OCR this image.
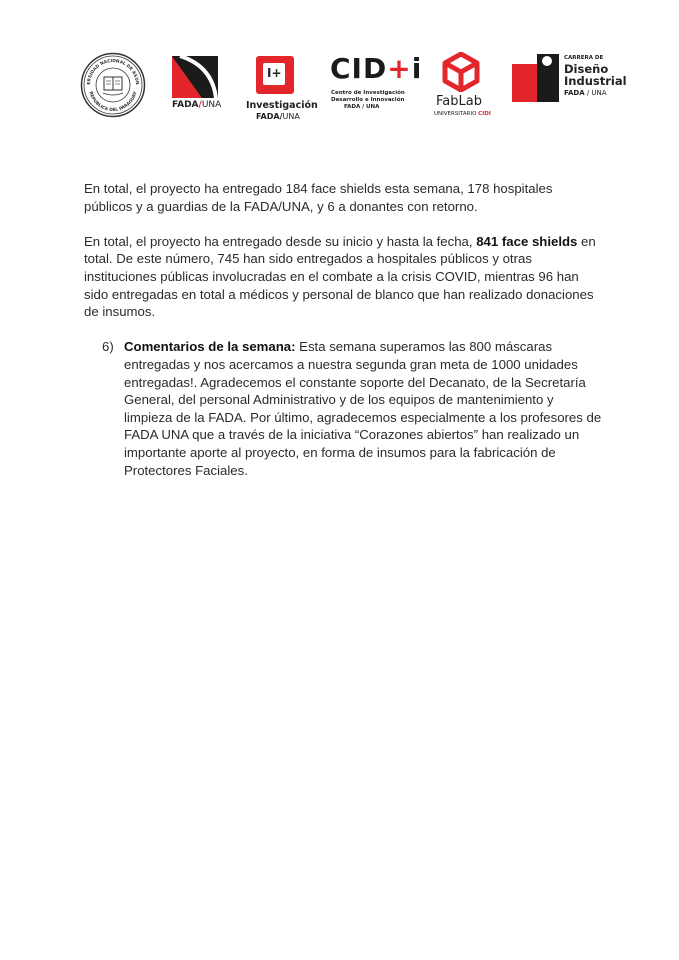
ERSIDAD NACIONAL DE ASUN
REPUBLICA DEL PARAGUAY
FADA/UNA
I+
Investigación
FADA/UNA
CID+i
Centro de Investigación
Desarrollo e Innovación
FADA / UNA	FabLab
UNIVERSITARIO CIDI
CARRERA DE
Diseño
Industrial
FADA / UNA

En total, el proyecto ha entregado 184 face shields esta semana, 178 hospitales públicos y a guardias de la FADA/UNA, y 6 a donantes con retorno.

En total, el proyecto ha entregado desde su inicio y hasta la fecha, 841 face shields en total. De este número, 745 han sido entregados a hospitales públicos y otras instituciones públicas involucradas en el combate a la crisis COVID, mientras 96 han sido entregadas en total a médicos y personal de blanco que han realizado donaciones de insumos.

6) Comentarios de la semana: Esta semana superamos las 800 máscaras entregadas y nos acercamos a nuestra segunda gran meta de 1000 unidades entregadas!. Agradecemos el constante soporte del Decanato, de la Secretaría General, del personal Administrativo y de los equipos de mantenimiento y limpieza de la FADA. Por último, agradecemos especialmente a los profesores de FADA UNA que a través de la iniciativa “Corazones abiertos” han realizado un importante aporte al proyecto, en forma de insumos para la fabricación de Protectores Faciales.
